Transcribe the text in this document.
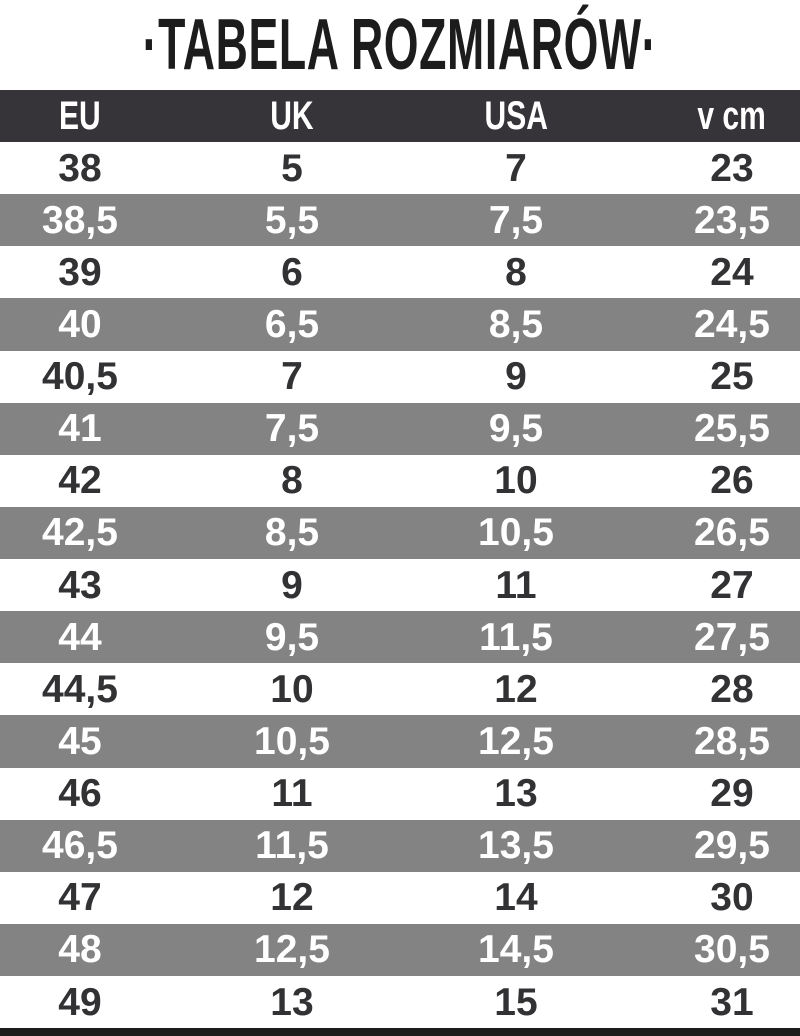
·TABELA ROZMIARÓW·
EU	UK	USA	v cm
38	5	7	23
38,5	5,5	7,5	23,5
39	6	8	24
40	6,5	8,5	24,5
40,5	7	9	25
41	7,5	9,5	25,5
42	8	10	26
42,5	8,5	10,5	26,5
43	9	11	27
44	9,5	11,5	27,5
44,5	10	12	28
45	10,5	12,5	28,5
46	11	13	29
46,5	11,5	13,5	29,5
47	12	14	30
48	12,5	14,5	30,5
49	13	15	31
